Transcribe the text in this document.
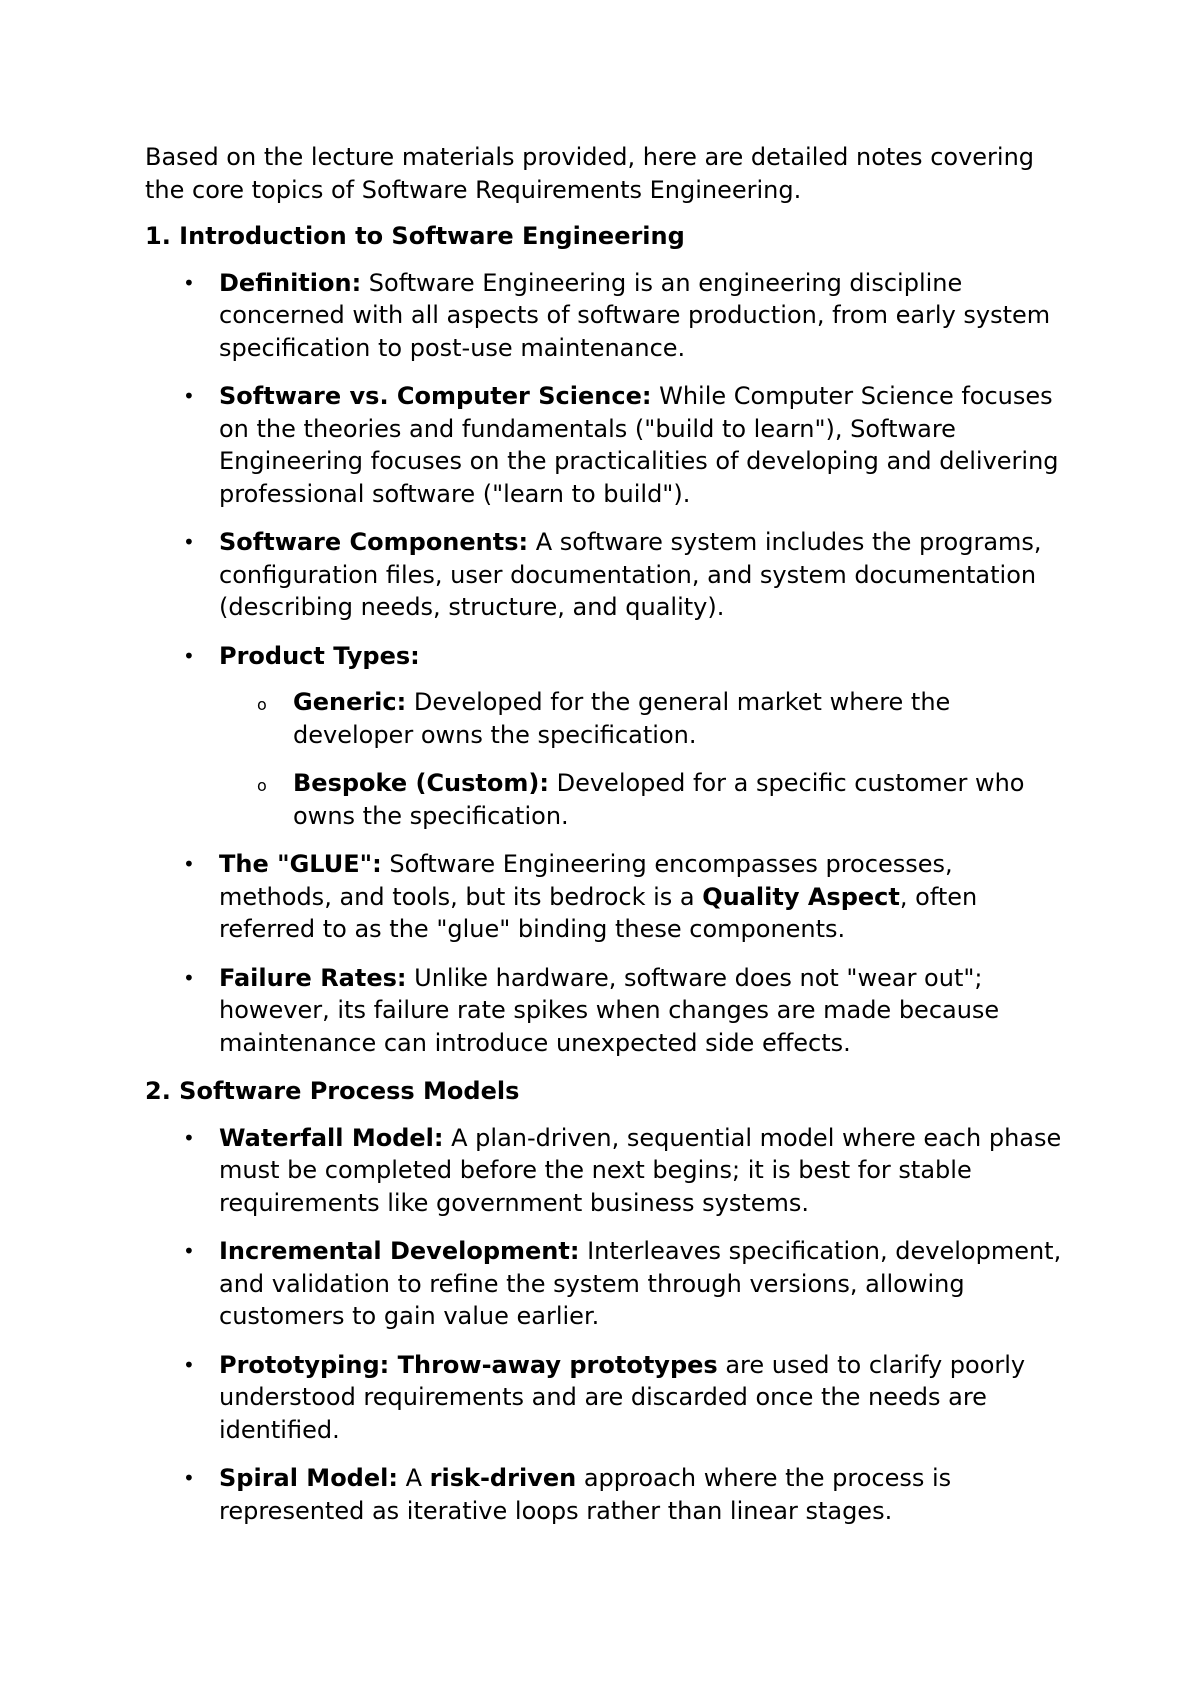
Based on the lecture materials provided, here are detailed notes covering the core topics of Software Requirements Engineering.

1. Introduction to Software Engineering

• Definition: Software Engineering is an engineering discipline concerned with all aspects of software production, from early system specification to post-use maintenance.
• Software vs. Computer Science: While Computer Science focuses on the theories and fundamentals ("build to learn"), Software Engineering focuses on the practicalities of developing and delivering professional software ("learn to build").
• Software Components: A software system includes the programs, configuration files, user documentation, and system documentation (describing needs, structure, and quality).
• Product Types:
o Generic: Developed for the general market where the developer owns the specification.
o Bespoke (Custom): Developed for a specific customer who owns the specification.
• The "GLUE": Software Engineering encompasses processes, methods, and tools, but its bedrock is a Quality Aspect, often referred to as the "glue" binding these components.
• Failure Rates: Unlike hardware, software does not "wear out"; however, its failure rate spikes when changes are made because maintenance can introduce unexpected side effects.

2. Software Process Models

• Waterfall Model: A plan-driven, sequential model where each phase must be completed before the next begins; it is best for stable requirements like government business systems.
• Incremental Development: Interleaves specification, development, and validation to refine the system through versions, allowing customers to gain value earlier.
• Prototyping: Throw-away prototypes are used to clarify poorly understood requirements and are discarded once the needs are identified.
• Spiral Model: A risk-driven approach where the process is represented as iterative loops rather than linear stages.
